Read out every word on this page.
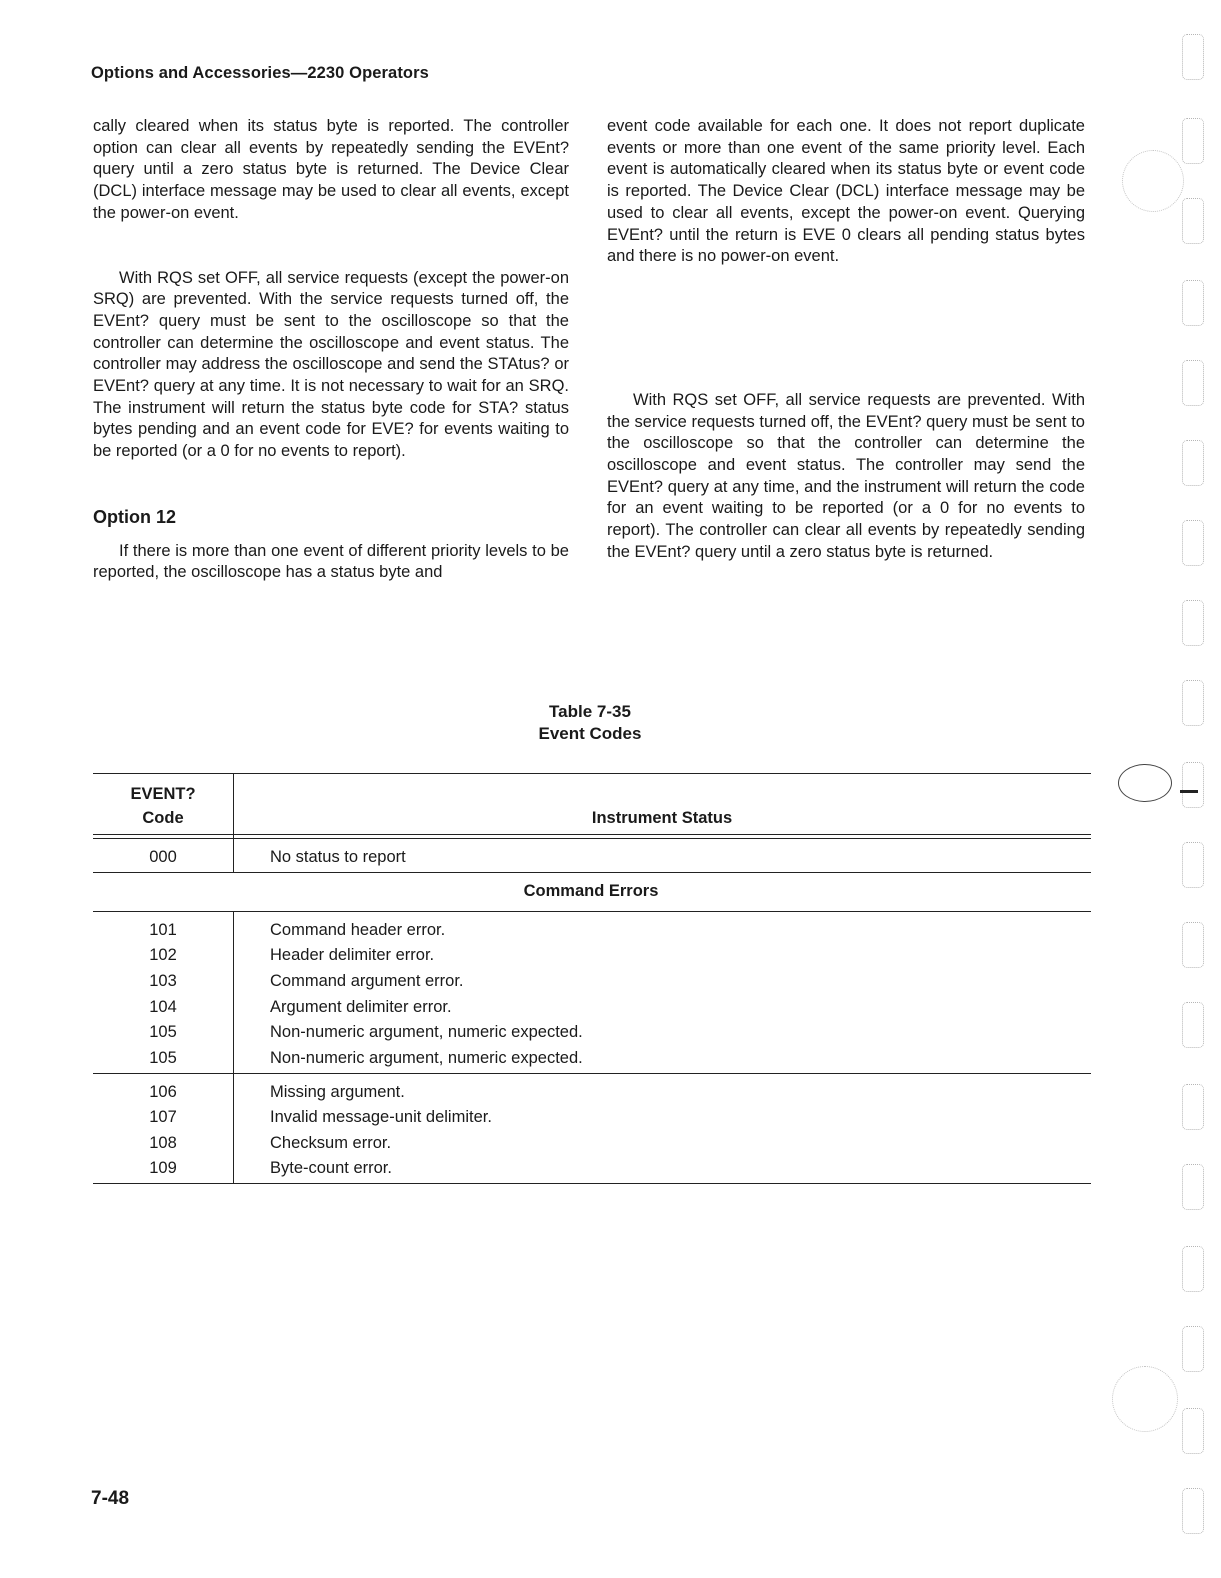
Options and Accessories—2230 Operators

cally cleared when its status byte is reported. The controller option can clear all events by repeatedly sending the EVEnt? query until a zero status byte is returned. The Device Clear (DCL) interface message may be used to clear all events, except the power-on event.

With RQS set OFF, all service requests (except the power-on SRQ) are prevented. With the service requests turned off, the EVEnt? query must be sent to the oscilloscope so that the controller can determine the oscilloscope and event status. The controller may address the oscilloscope and send the STAtus? or EVEnt? query at any time. It is not necessary to wait for an SRQ. The instrument will return the status byte code for STA? status bytes pending and an event code for EVE? for events waiting to be reported (or a 0 for no events to report).

Option 12

If there is more than one event of different priority levels to be reported, the oscilloscope has a status byte and

event code available for each one. It does not report duplicate events or more than one event of the same priority level. Each event is automatically cleared when its status byte or event code is reported. The Device Clear (DCL) interface message may be used to clear all events, except the power-on event. Querying EVEnt? until the return is EVE 0 clears all pending status bytes and there is no power-on event.

With RQS set OFF, all service requests are prevented. With the service requests turned off, the EVEnt? query must be sent to the oscilloscope so that the controller can determine the oscilloscope and event status. The controller may send the EVEnt? query at any time, and the instrument will return the code for an event waiting to be reported (or a 0 for no events to report). The controller can clear all events by repeatedly sending the EVEnt? query until a zero status byte is returned.

Table 7-35
Event Codes
EVENT?
Code	Instrument Status
000	No status to report
Command Errors
101	Command header error.
102	Header delimiter error.
103	Command argument error.
104	Argument delimiter error.
105	Non-numeric argument, numeric expected.
105	Non-numeric argument, numeric expected.
106	Missing argument.
107	Invalid message-unit delimiter.
108	Checksum error.
109	Byte-count error.
7-48
